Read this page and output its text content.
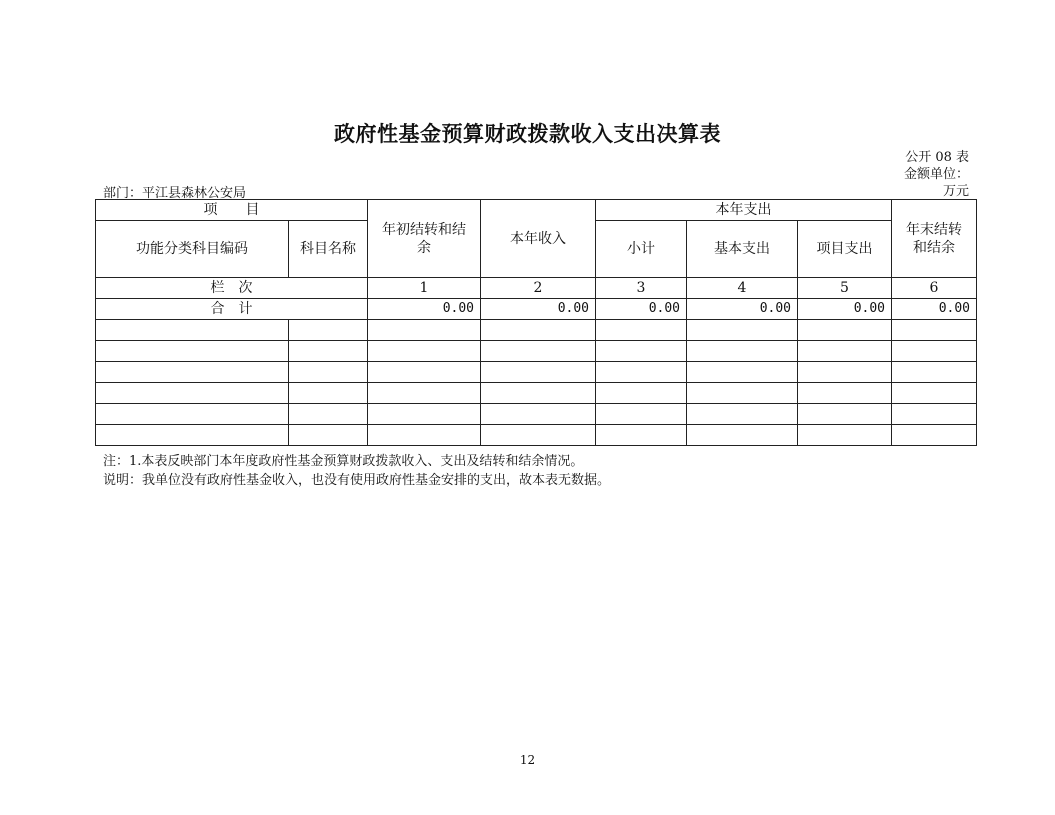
政府性基金预算财政拨款收入支出决算表
公开 08 表
金额单位：
万元
部门：平江县森林公安局
项　　目		年初结转和结余	本年收入	本年支出			年末结转和结余
功能分类科目编码	科目名称			小计	基本支出	项目支出	
栏　次		1	2	3	4	5	6
合　计		0.00	0.00	0.00	0.00	0.00	0.00

注：1.本表反映部门本年度政府性基金预算财政拨款收入、支出及结转和结余情况。
说明：我单位没有政府性基金收入，也没有使用政府性基金安排的支出，故本表无数据。
12
